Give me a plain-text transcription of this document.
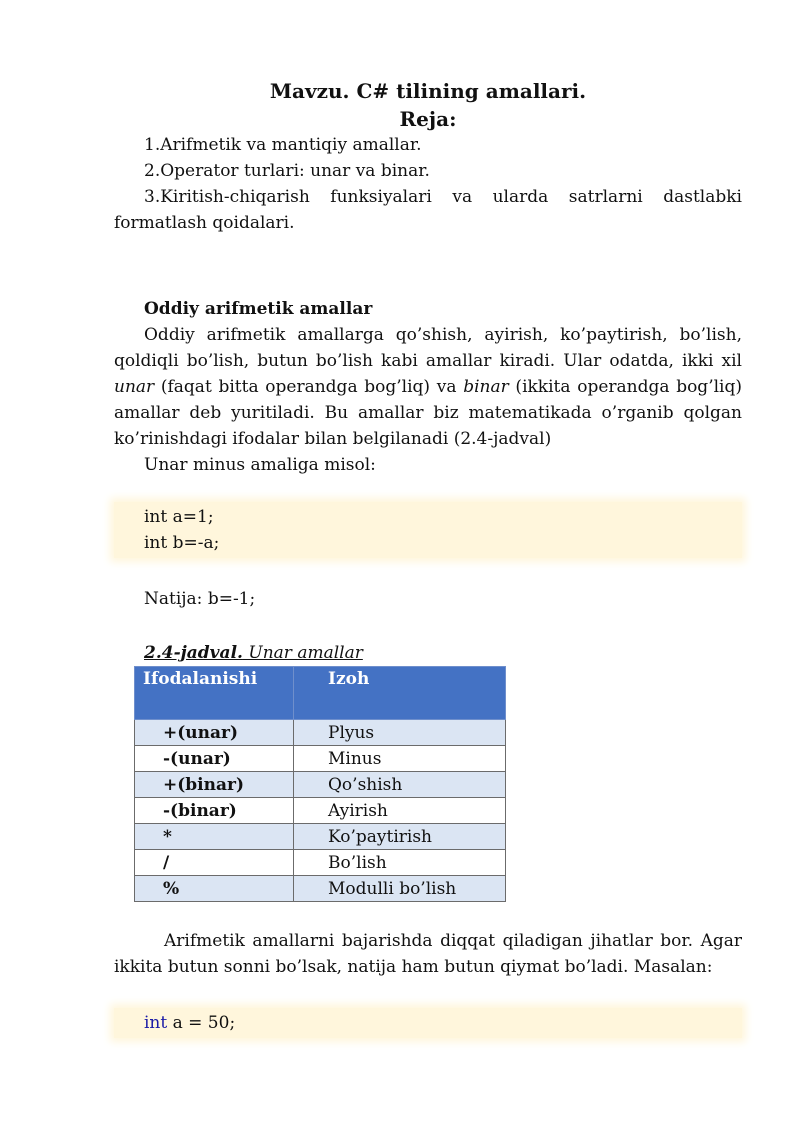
Mavzu. C# tilining amallari.

Reja:

1.Arifmetik va mantiqiy amallar.

2.Operator turlari: unar va binar.

3.Kiritish-chiqarish funksiyalari va ularda satrlarni dastlabki formatlash qoidalari.

Oddiy arifmetik amallar

Oddiy arifmetik amallarga qo’shish, ayirish, ko’paytirish, bo’lish, qoldiqli bo’lish, butun bo’lish kabi amallar kiradi. Ular odatda, ikki xil unar (faqat bitta operandga bog’liq) va binar (ikkita operandga bog’liq) amallar deb yuritiladi. Bu amallar biz matematikada o’rganib qolgan ko’rinishdagi ifodalar bilan belgilanadi (2.4-jadval)

Unar minus amaliga misol:

int a=1;

int b=-a;

Natija: b=-1;

2.4-jadval. Unar amallar

Ifodalanishi	Izoh
+(unar)	Plyus
-(unar)	Minus
+(binar)	Qo’shish
-(binar)	Ayirish
*	Ko’paytirish
/	Bo’lish
%	Modulli bo’lish

Arifmetik amallarni bajarishda diqqat qiladigan jihatlar bor. Agar ikkita butun sonni bo’lsak, natija ham butun qiymat bo’ladi. Masalan:

int a = 50;
